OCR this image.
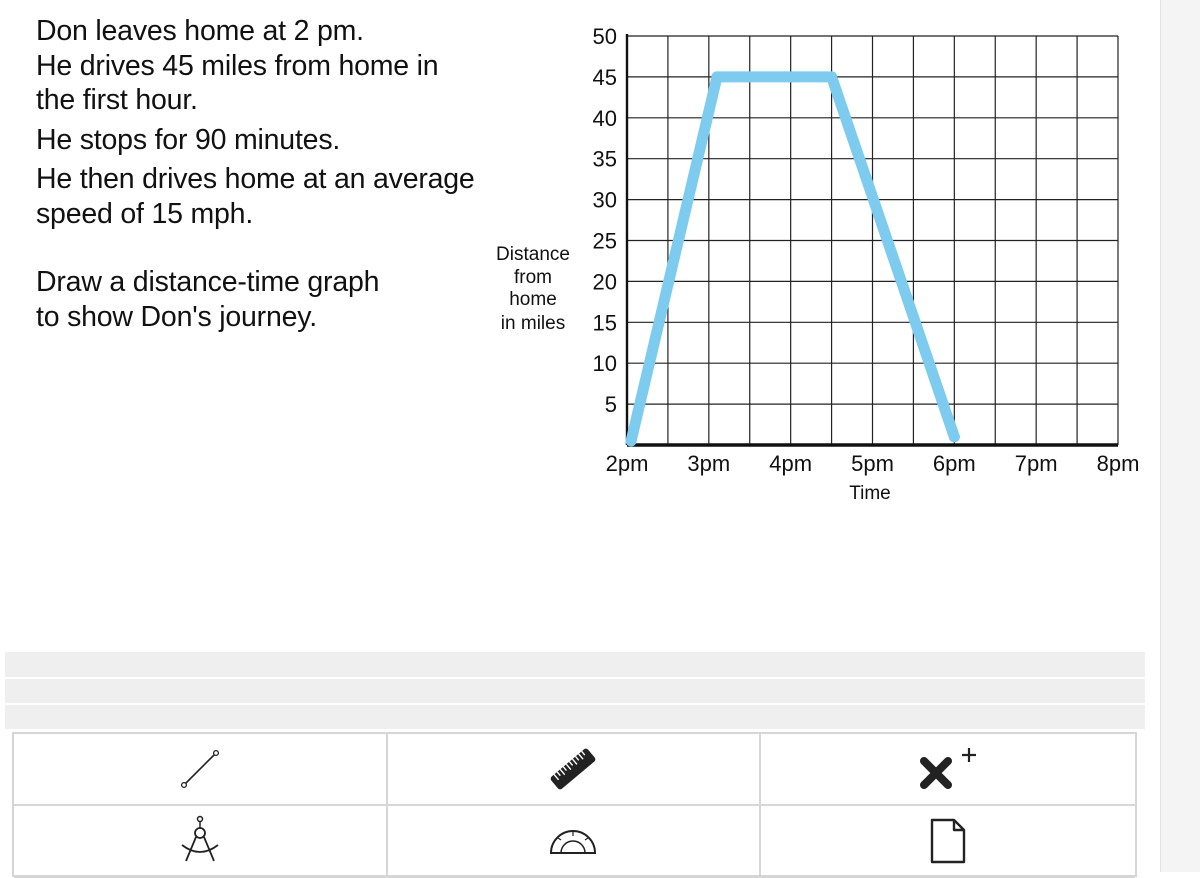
Don leaves home at 2 pm.

He drives 45 miles from home in

the first hour.

He stops for 90 minutes.

He then drives home at an average

speed of 15 mph.

Draw a distance-time graph

to show Don's journey.

5
10
15
20
25
30
35
40
45
50
2pm 3pm 4pm 5pm 6pm 7pm 8pm
Time
Distance
from
home
in miles
